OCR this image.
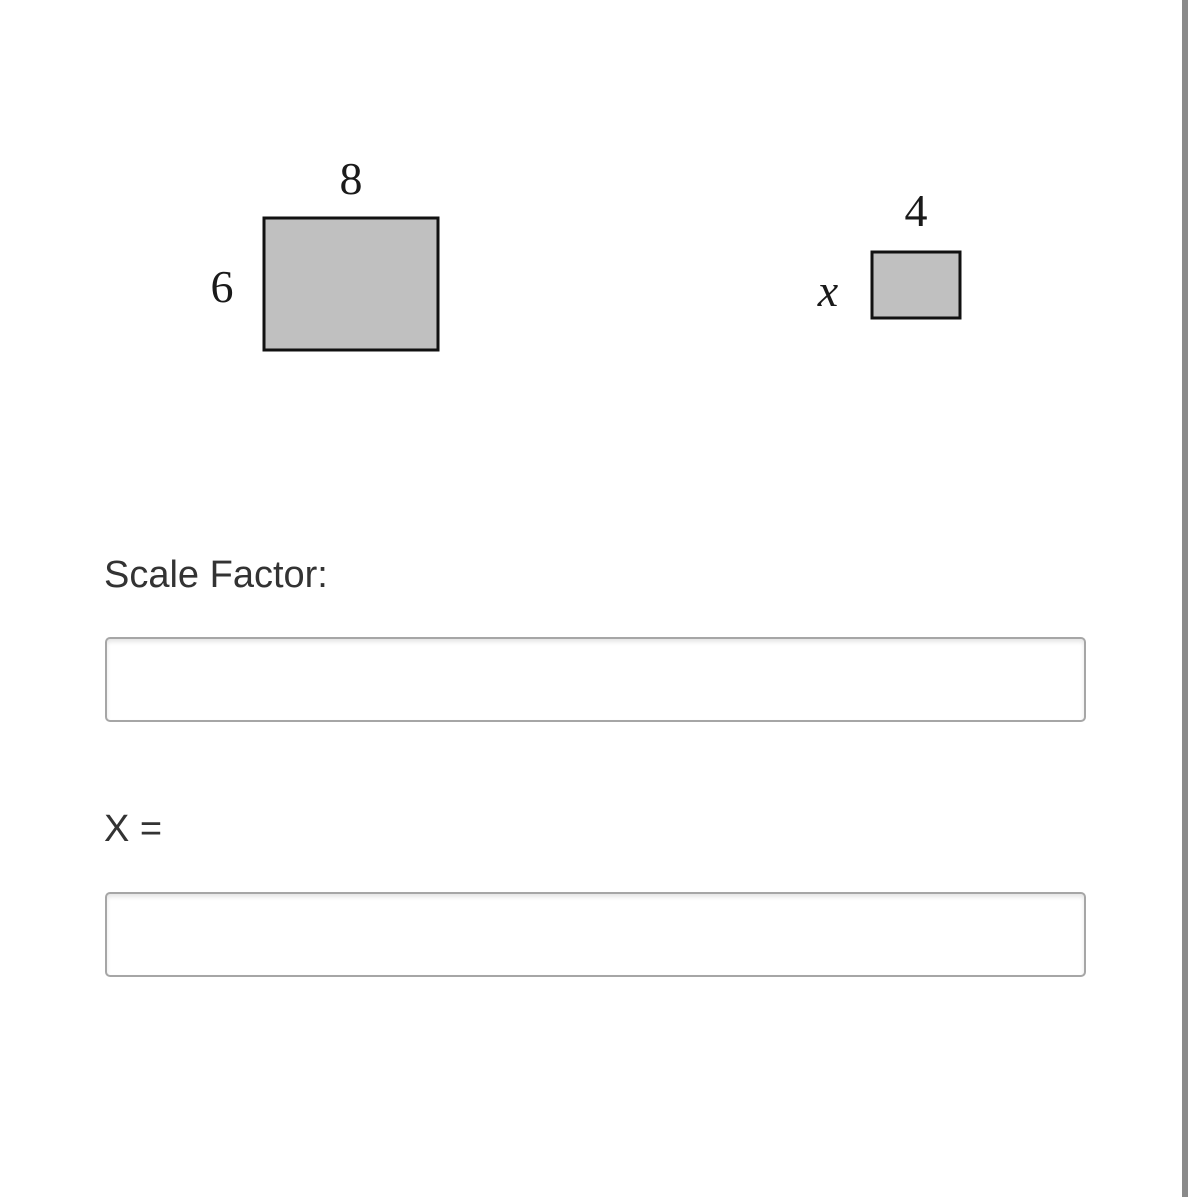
8
6
4
x
Scale Factor:
X =
